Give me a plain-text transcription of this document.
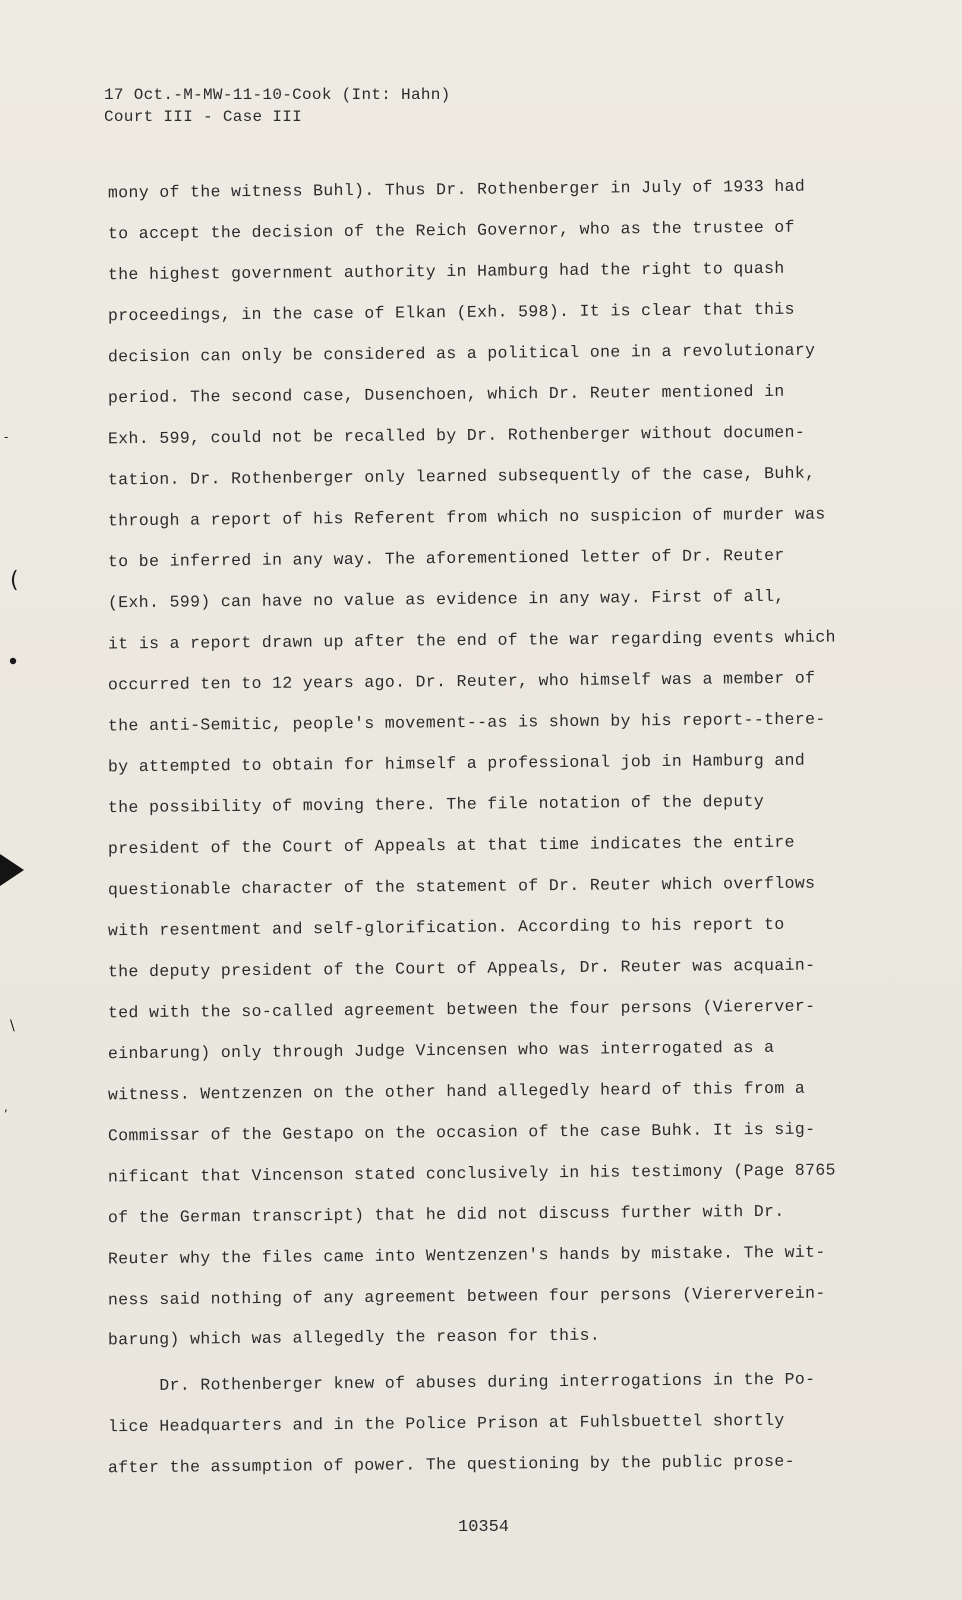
17 Oct.-M-MW-11-10-Cook (Int: Hahn)
Court III - Case III
mony of the witness Buhl). Thus Dr. Rothenberger in July of 1933 had
to accept the decision of the Reich Governor, who as the trustee of
the highest government authority in Hamburg had the right to quash
proceedings, in the case of Elkan (Exh. 598). It is clear that this
decision can only be considered as a political one in a revolutionary
period. The second case, Dusenchoen, which Dr. Reuter mentioned in
Exh. 599, could not be recalled by Dr. Rothenberger without documen-
tation. Dr. Rothenberger only learned subsequently of the case, Buhk,
through a report of his Referent from which no suspicion of murder was
to be inferred in any way. The aforementioned letter of Dr. Reuter
(Exh. 599) can have no value as evidence in any way. First of all,
it is a report drawn up after the end of the war regarding events which
occurred ten to 12 years ago. Dr. Reuter, who himself was a member of
the anti-Semitic, people's movement--as is shown by his report--there-
by attempted to obtain for himself a professional job in Hamburg and
the possibility of moving there. The file notation of the deputy
president of the Court of Appeals at that time indicates the entire
questionable character of the statement of Dr. Reuter which overflows
with resentment and self-glorification. According to his report to
the deputy president of the Court of Appeals, Dr. Reuter was acquain-
ted with the so-called agreement between the four persons (Viererver-
einbarung) only through Judge Vincensen who was interrogated as a
witness. Wentzenzen on the other hand allegedly heard of this from a
Commissar of the Gestapo on the occasion of the case Buhk. It is sig-
nificant that Vincenson stated conclusively in his testimony (Page 8765
of the German transcript) that he did not discuss further with Dr.
Reuter why the files came into Wentzenzen's hands by mistake. The wit-
ness said nothing of any agreement between four persons (Viererverein-
barung) which was allegedly the reason for this.
Dr. Rothenberger knew of abuses during interrogations in the Po-
lice Headquarters and in the Police Prison at Fuhlsbuettel shortly
after the assumption of power. The questioning by the public prose-
10354
(
\
-
,
